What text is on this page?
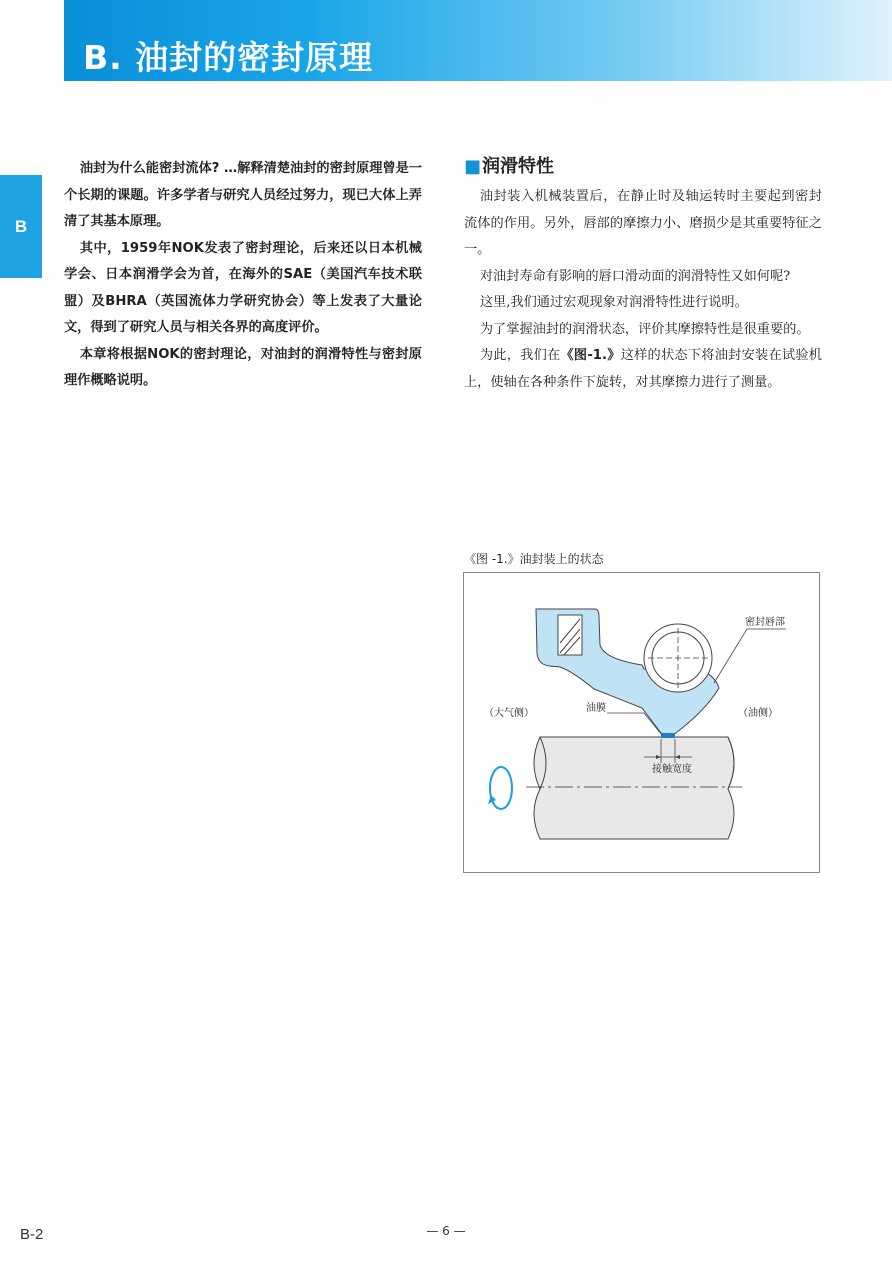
B. 油封的密封原理
B

油封为什么能密封流体? …解释清楚油封的密封原理曾是一个长期的课题。许多学者与研究人员经过努力，现已大体上弄清了其基本原理。

其中，1959年NOK发表了密封理论，后来还以日本机械学会、日本润滑学会为首，在海外的SAE（美国汽车技术联盟）及BHRA（英国流体力学研究协会）等上发表了大量论文，得到了研究人员与相关各界的高度评价。

本章将根据NOK的密封理论，对油封的润滑特性与密封原理作概略说明。

■润滑特性

油封装入机械装置后，在静止时及轴运转时主要起到密封流体的作用。另外，唇部的摩擦力小、磨损少是其重要特征之一。

对油封寿命有影响的唇口滑动面的润滑特性又如何呢?

这里,我们通过宏观现象对润滑特性进行说明。

为了掌握油封的润滑状态，评价其摩擦特性是很重要的。

为此，我们在《图-1.》这样的状态下将油封安装在试验机上，使轴在各种条件下旋转，对其摩擦力进行了测量。

《图 -1.》油封装上的状态

密封唇部
（大气侧）	油膜	（油侧）
接触宽度
B-2	— 6 —
